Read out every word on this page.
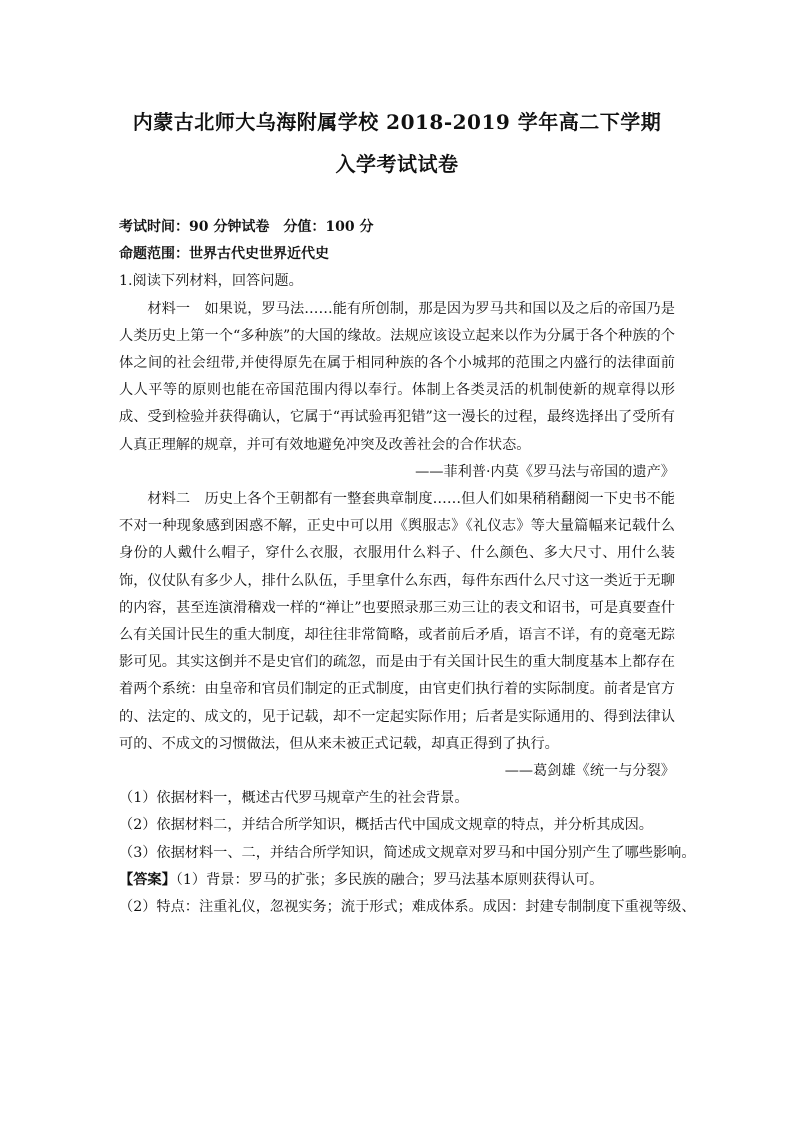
内蒙古北师大乌海附属学校 2018-2019 学年高二下学期
入学考试试卷
考试时间：90 分钟试卷　分值：100 分
命题范围：世界古代史世界近代史
1.阅读下列材料，回答问题。

材料一　如果说，罗马法……能有所创制，那是因为罗马共和国以及之后的帝国乃是人类历史上第一个“多种族”的大国的缘故。法规应该设立起来以作为分属于各个种族的个体之间的社会纽带,并使得原先在属于相同种族的各个小城邦的范围之内盛行的法律面前人人平等的原则也能在帝国范围内得以奉行。体制上各类灵活的机制使新的规章得以形成、受到检验并获得确认，它属于“再试验再犯错”这一漫长的过程，最终选择出了受所有人真正理解的规章，并可有效地避免冲突及改善社会的合作状态。

——菲利普·内莫《罗马法与帝国的遗产》

材料二　历史上各个王朝都有一整套典章制度……但人们如果稍稍翻阅一下史书不能不对一种现象感到困惑不解，正史中可以用《舆服志》《礼仪志》等大量篇幅来记载什么身份的人戴什么帽子，穿什么衣服，衣服用什么料子、什么颜色、多大尺寸、用什么装饰，仪仗队有多少人，排什么队伍，手里拿什么东西，每件东西什么尺寸这一类近于无聊的内容，甚至连演滑稽戏一样的“禅让”也要照录那三劝三让的表文和诏书，可是真要查什么有关国计民生的重大制度，却往往非常简略，或者前后矛盾，语言不详，有的竟毫无踪影可见。其实这倒并不是史官们的疏忽，而是由于有关国计民生的重大制度基本上都存在着两个系统：由皇帝和官员们制定的正式制度，由官吏们执行着的实际制度。前者是官方的、法定的、成文的，见于记载，却不一定起实际作用；后者是实际通用的、得到法律认可的、不成文的习惯做法，但从来未被正式记载，却真正得到了执行。

——葛剑雄《统一与分裂》

（1）依据材料一，概述古代罗马规章产生的社会背景。

（2）依据材料二，并结合所学知识，概括古代中国成文规章的特点，并分析其成因。

（3）依据材料一、二，并结合所学知识，简述成文规章对罗马和中国分别产生了哪些影响。

【答案】（1）背景：罗马的扩张；多民族的融合；罗马法基本原则获得认可。

（2）特点：注重礼仪，忽视实务；流于形式；难成体系。成因：封建专制制度下重视等级、
